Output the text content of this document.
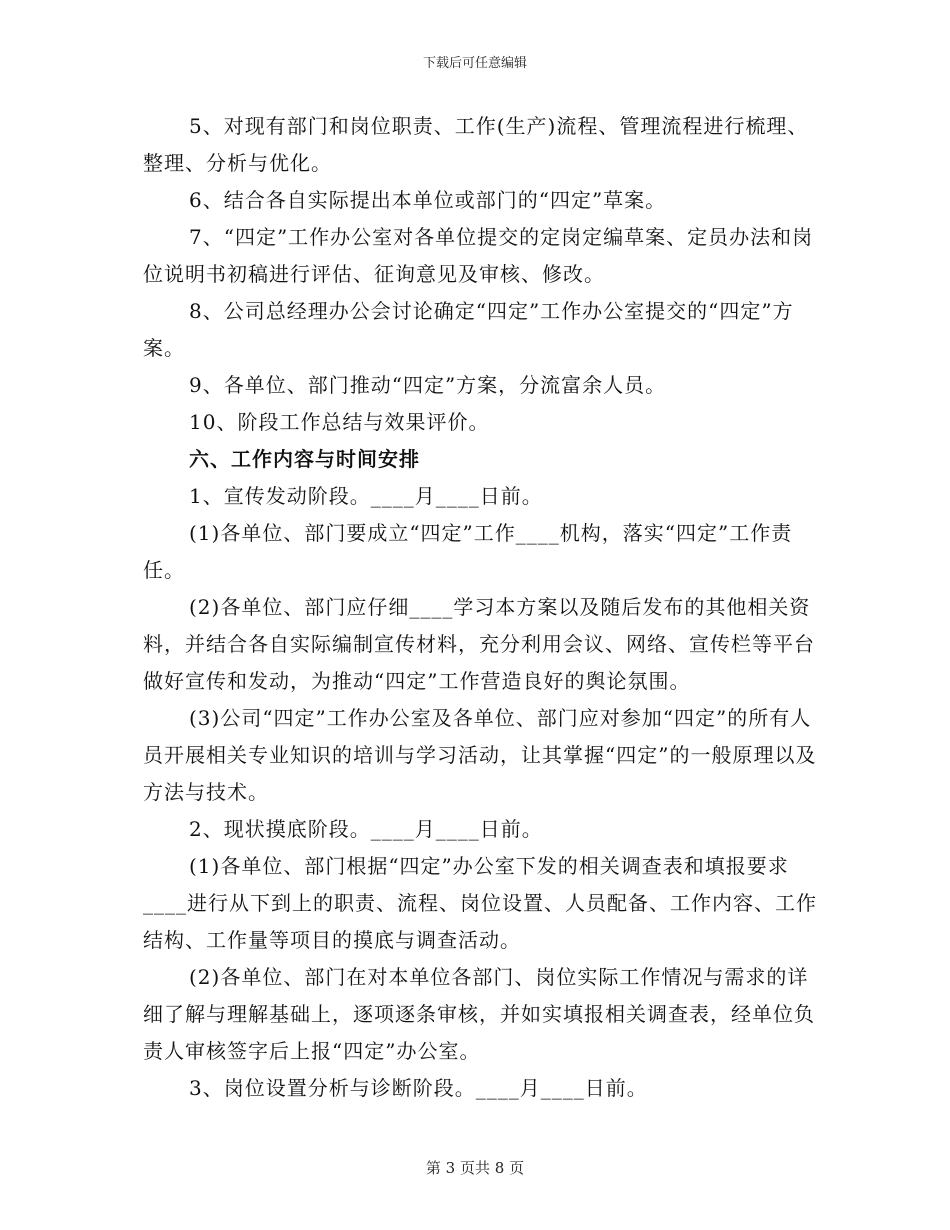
下载后可任意编辑

5、对现有部门和岗位职责、工作(生产)流程、管理流程进行梳理、整理、分析与优化。

6、结合各自实际提出本单位或部门的“四定”草案。

7、“四定”工作办公室对各单位提交的定岗定编草案、定员办法和岗位说明书初稿进行评估、征询意见及审核、修改。

8、公司总经理办公会讨论确定“四定”工作办公室提交的“四定”方案。

9、各单位、部门推动“四定”方案，分流富余人员。

10、阶段工作总结与效果评价。

六、工作内容与时间安排

1、宣传发动阶段。____月____日前。

(1)各单位、部门要成立“四定”工作____机构，落实“四定”工作责任。

(2)各单位、部门应仔细____学习本方案以及随后发布的其他相关资料，并结合各自实际编制宣传材料，充分利用会议、网络、宣传栏等平台做好宣传和发动，为推动“四定”工作营造良好的舆论氛围。

(3)公司“四定”工作办公室及各单位、部门应对参加“四定”的所有人员开展相关专业知识的培训与学习活动，让其掌握“四定”的一般原理以及方法与技术。

2、现状摸底阶段。____月____日前。

(1)各单位、部门根据“四定”办公室下发的相关调查表和填报要求____进行从下到上的职责、流程、岗位设置、人员配备、工作内容、工作结构、工作量等项目的摸底与调查活动。

(2)各单位、部门在对本单位各部门、岗位实际工作情况与需求的详细了解与理解基础上，逐项逐条审核，并如实填报相关调查表，经单位负责人审核签字后上报“四定”办公室。

3、岗位设置分析与诊断阶段。____月____日前。

第 3 页共 8 页
